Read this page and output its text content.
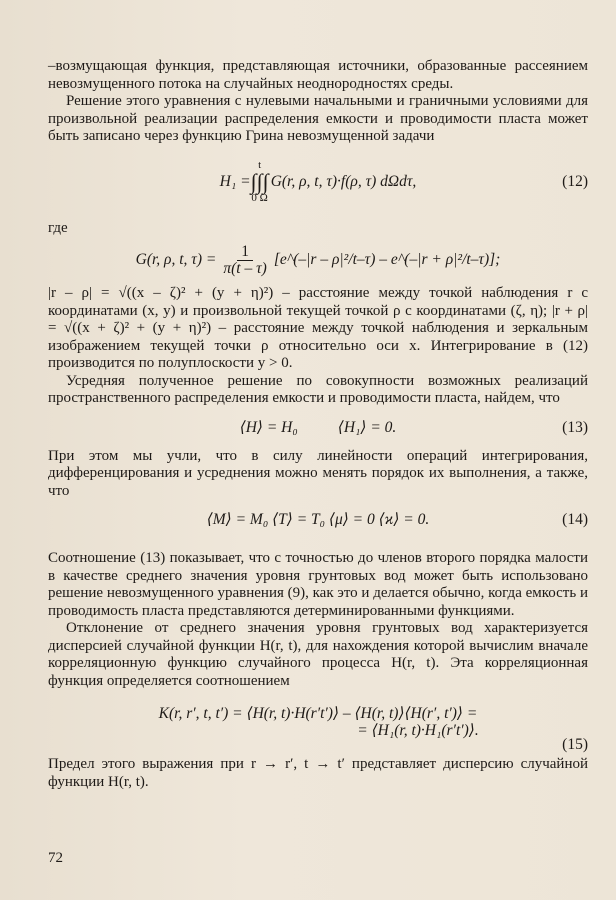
–возмущающая функция, представляющая источники, образованные рассеянием невозмущенного потока на случайных неоднородностях среды.

Решение этого уравнения с нулевыми начальными и граничными условиями для произвольной реализации распределения емкости и проводимости пласта может быть записано через функцию Грина невозмущенной задачи

H₁ =
t
∫∫∫
0 Ω
G(r, ρ, t, τ)·f(ρ, τ) dΩdτ,	(12)

где

G(r, ρ, t, $\tau) = \frac{1}{\pi(t - \tau)}$ [e^(–|r – ρ|²/t–τ) – e^(–|r + ρ|²/t–τ)];

|r – ρ| = √((x – ζ)² + (y + η)²) – расстояние между точкой наблюдения r с координатами (x, y) и произвольной текущей точкой ρ с координатами (ζ, η); |r + ρ| = √((x + ζ)² + (y + η)²) – расстояние между точкой наблюдения и зеркальным изображением текущей точки ρ относительно оси x. Интегрирование в (12) производится по полуплоскости y > 0.

Усредняя полученное решение по совокупности возможных реализаций пространственного распределения емкости и проводимости пласта, найдем, что

⟨H⟩ = H₀	⟨H₁⟩ = 0.	(13)

При этом мы учли, что в силу линейности операций интегрирования, дифференцирования и усреднения можно менять порядок их выполнения, а также, что

⟨M⟩ = M₀ ⟨T⟩ = T₀ ⟨μ⟩ = 0 ⟨ϰ⟩ = 0.	(14)

Соотношение (13) показывает, что с точностью до членов второго порядка малости в качестве среднего значения уровня грунтовых вод может быть использовано решение невозмущенного уравнения (9), как это и делается обычно, когда емкость и проводимость пласта представляются детерминированными функциями.

Отклонение от среднего значения уровня грунтовых вод характеризуется дисперсией случайной функции H(r, t), для нахождения которой вычислим вначале корреляционную функцию случайного процесса H(r, t). Эта корреляционная функция определяется соотношением

K(r, r′, t, t′) = ⟨H(r, t)·H(r′t′)⟩ – ⟨H(r, t)⟩⟨H(r′, t′)⟩ =
= ⟨H₁(r, t)·H₁(r′t′)⟩.
(15)

Предел этого выражения при r → r′, t → t′ представляет дисперсию случайной функции H(r, t).

72
